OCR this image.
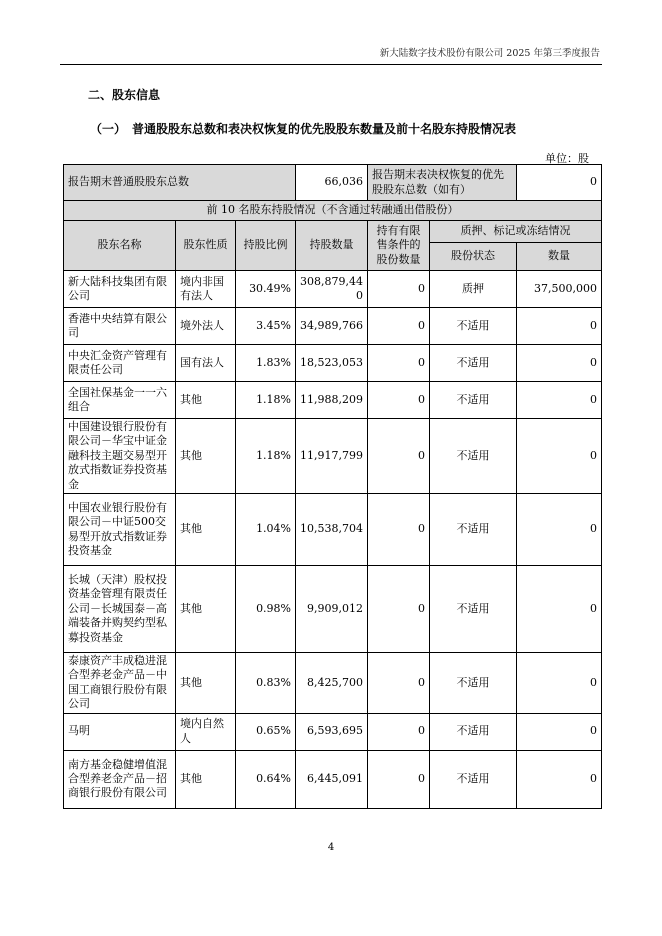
新大陆数字技术股份有限公司 2025 年第三季度报告
二、股东信息
（一）　普通股股东总数和表决权恢复的优先股股东数量及前十名股东持股情况表
单位：股
报告期末普通股股东总数			66,036	报告期末表决权恢复的优先股股东总数（如有）		0
前 10 名股东持股情况（不含通过转融通出借股份）						
股东名称	股东性质	持股比例	持股数量	持有有限售条件的股份数量	质押、标记或冻结情况	
					股份状态	数量
新大陆科技集团有限公司	境内非国有法人	30.49%	308,879,440	0	质押	37,500,000
香港中央结算有限公司	境外法人	3.45%	34,989,766	0	不适用	0
中央汇金资产管理有限责任公司	国有法人	1.83%	18,523,053	0	不适用	0
全国社保基金一一六组合	其他	1.18%	11,988,209	0	不适用	0
中国建设银行股份有限公司－华宝中证金融科技主题交易型开放式指数证券投资基金	其他	1.18%	11,917,799	0	不适用	0
中国农业银行股份有限公司－中证500交易型开放式指数证券投资基金	其他	1.04%	10,538,704	0	不适用	0
长城（天津）股权投资基金管理有限责任公司－长城国泰－高端装备并购契约型私募投资基金	其他	0.98%	9,909,012	0	不适用	0
泰康资产丰成稳进混合型养老金产品－中国工商银行股份有限公司	其他	0.83%	8,425,700	0	不适用	0
马明	境内自然人	0.65%	6,593,695	0	不适用	0
南方基金稳健增值混合型养老金产品－招商银行股份有限公司	其他	0.64%	6,445,091	0	不适用	0
4
